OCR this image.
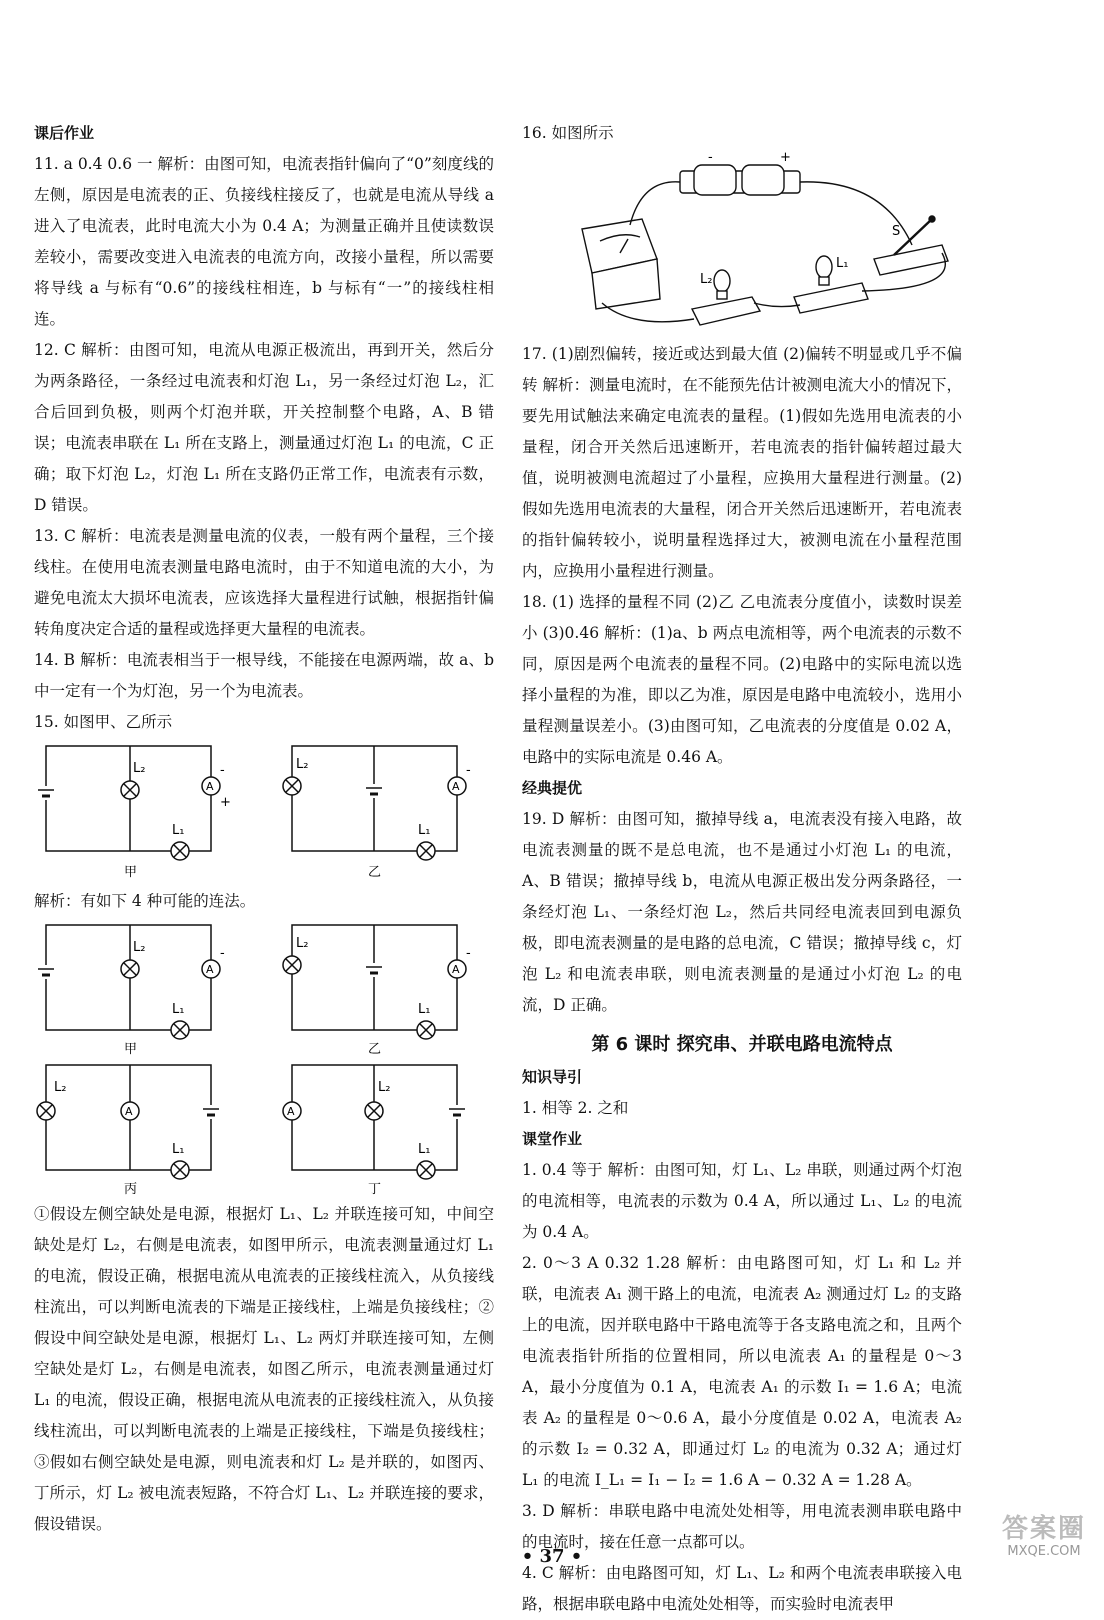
课后作业

11. a 0.4 0.6 一 解析：由图可知，电流表指针偏向了“0”刻度线的左侧，原因是电流表的正、负接线柱接反了，也就是电流从导线 a 进入了电流表，此时电流大小为 0.4 A；为测量正确并且使读数误差较小，需要改变进入电流表的电流方向，改接小量程，所以需要将导线 a 与标有“0.6”的接线柱相连，b 与标有“一”的接线柱相连。

12. C 解析：由图可知，电流从电源正极流出，再到开关，然后分为两条路径，一条经过电流表和灯泡 L₁，另一条经过灯泡 L₂，汇合后回到负极，则两个灯泡并联，开关控制整个电路，A、B 错误；电流表串联在 L₁ 所在支路上，测量通过灯泡 L₁ 的电流，C 正确；取下灯泡 L₂，灯泡 L₁ 所在支路仍正常工作，电流表有示数，D 错误。

13. C 解析：电流表是测量电流的仪表，一般有两个量程，三个接线柱。在使用电流表测量电路电流时，由于不知道电流的大小，为避免电流太大损坏电流表，应该选择大量程进行试触，根据指针偏转角度决定合适的量程或选择更大量程的电流表。

14. B 解析：电流表相当于一根导线，不能接在电源两端，故 a、b 中一定有一个为灯泡，另一个为电流表。

15. 如图甲、乙所示

L₂
A
-
+
L₁
甲
L₂
A
-
L₁
乙

解析：有如下 4 种可能的连法。

L₂
A
-
L₁
甲
L₂
A
-
L₁
乙
L₂
A
L₁
丙
A
L₂
L₁
丁

①假设左侧空缺处是电源，根据灯 L₁、L₂ 并联连接可知，中间空缺处是灯 L₂，右侧是电流表，如图甲所示，电流表测量通过灯 L₁ 的电流，假设正确，根据电流从电流表的正接线柱流入，从负接线柱流出，可以判断电流表的下端是正接线柱，上端是负接线柱；②假设中间空缺处是电源，根据灯 L₁、L₂ 两灯并联连接可知，左侧空缺处是灯 L₂，右侧是电流表，如图乙所示，电流表测量通过灯 L₁ 的电流，假设正确，根据电流从电流表的正接线柱流入，从负接线柱流出，可以判断电流表的上端是正接线柱，下端是负接线柱；③假如右侧空缺处是电源，则电流表和灯 L₂ 是并联的，如图丙、丁所示，灯 L₂ 被电流表短路，不符合灯 L₁、L₂ 并联连接的要求，假设错误。

16. 如图所示

-	+
S
L₂
L₁

17. (1)剧烈偏转，接近或达到最大值 (2)偏转不明显或几乎不偏转 解析：测量电流时，在不能预先估计被测电流大小的情况下，要先用试触法来确定电流表的量程。(1)假如先选用电流表的小量程，闭合开关然后迅速断开，若电流表的指针偏转超过最大值，说明被测电流超过了小量程，应换用大量程进行测量。(2)假如先选用电流表的大量程，闭合开关然后迅速断开，若电流表的指针偏转较小，说明量程选择过大，被测电流在小量程范围内，应换用小量程进行测量。

18. (1) 选择的量程不同 (2)乙 乙电流表分度值小，读数时误差小 (3)0.46 解析：(1)a、b 两点电流相等，两个电流表的示数不同，原因是两个电流表的量程不同。(2)电路中的实际电流以选择小量程的为准，即以乙为准，原因是电路中电流较小，选用小量程测量误差小。(3)由图可知，乙电流表的分度值是 0.02 A，电路中的实际电流是 0.46 A。

经典提优

19. D 解析：由图可知，撤掉导线 a，电流表没有接入电路，故电流表测量的既不是总电流，也不是通过小灯泡 L₁ 的电流，A、B 错误；撤掉导线 b，电流从电源正极出发分两条路径，一条经灯泡 L₁、一条经灯泡 L₂，然后共同经电流表回到电源负极，即电流表测量的是电路的总电流，C 错误；撤掉导线 c，灯泡 L₂ 和电流表串联，则电流表测量的是通过小灯泡 L₂ 的电流，D 正确。

第 6 课时 探究串、并联电路电流特点

知识导引

1. 相等 2. 之和

课堂作业

1. 0.4 等于 解析：由图可知，灯 L₁、L₂ 串联，则通过两个灯泡的电流相等，电流表的示数为 0.4 A，所以通过 L₁、L₂ 的电流为 0.4 A。

2. 0～3 A 0.32 1.28 解析：由电路图可知，灯 L₁ 和 L₂ 并联，电流表 A₁ 测干路上的电流，电流表 A₂ 测通过灯 L₂ 的支路上的电流，因并联电路中干路电流等于各支路电流之和，且两个电流表指针所指的位置相同，所以电流表 A₁ 的量程是 0～3 A，最小分度值为 0.1 A，电流表 A₁ 的示数 I₁ = 1.6 A；电流表 A₂ 的量程是 0～0.6 A，最小分度值是 0.02 A，电流表 A₂ 的示数 I₂ = 0.32 A，即通过灯 L₂ 的电流为 0.32 A；通过灯 L₁ 的电流 I_L₁ = I₁ − I₂ = 1.6 A − 0.32 A = 1.28 A。

3. D 解析：串联电路中电流处处相等，用电流表测串联电路中的电流时，接在任意一点都可以。

4. C 解析：由电路图可知，灯 L₁、L₂ 和两个电流表串联接入电路，根据串联电路中电流处处相等，而实验时电流表甲

• 37 •
答案圈
MXQE.COM
